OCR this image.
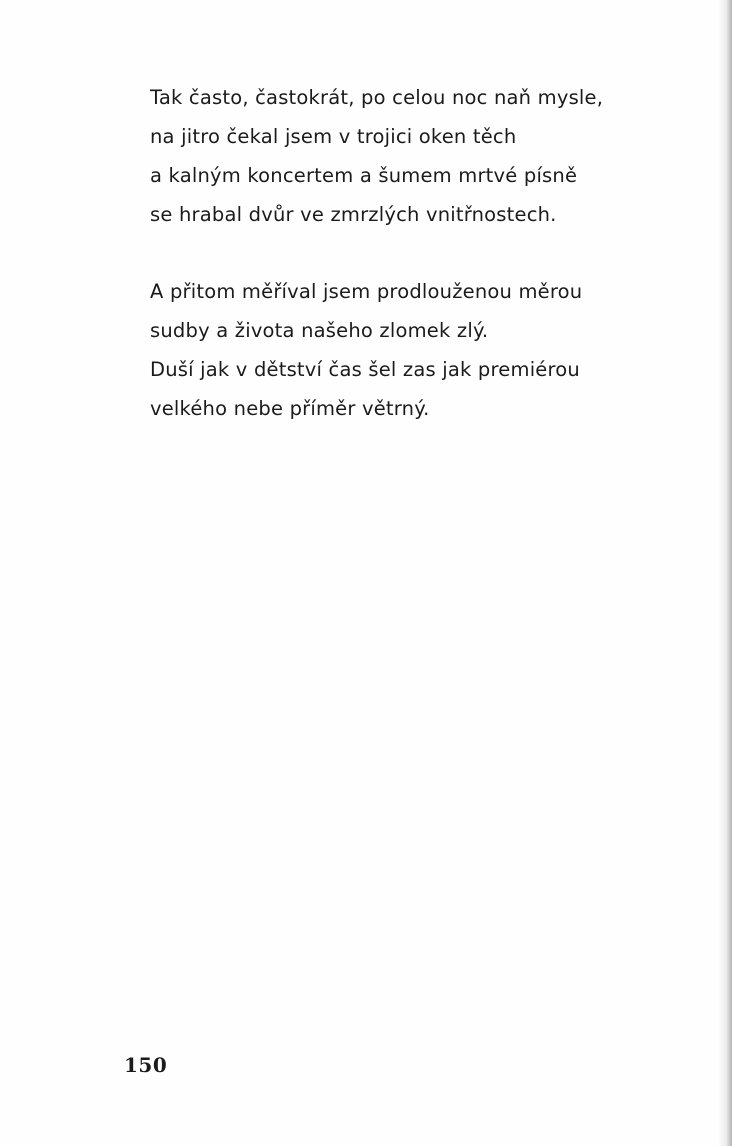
Tak často, častokrát, po celou noc naň mysle,
na jitro čekal jsem v trojici oken těch
a kalným koncertem a šumem mrtvé písně
se hrabal dvůr ve zmrzlých vnitřnostech.

A přitom měříval jsem prodlouženou měrou
sudby a života našeho zlomek zlý.
Duší jak v dětství čas šel zas jak premiérou
velkého nebe příměr větrný.

150
